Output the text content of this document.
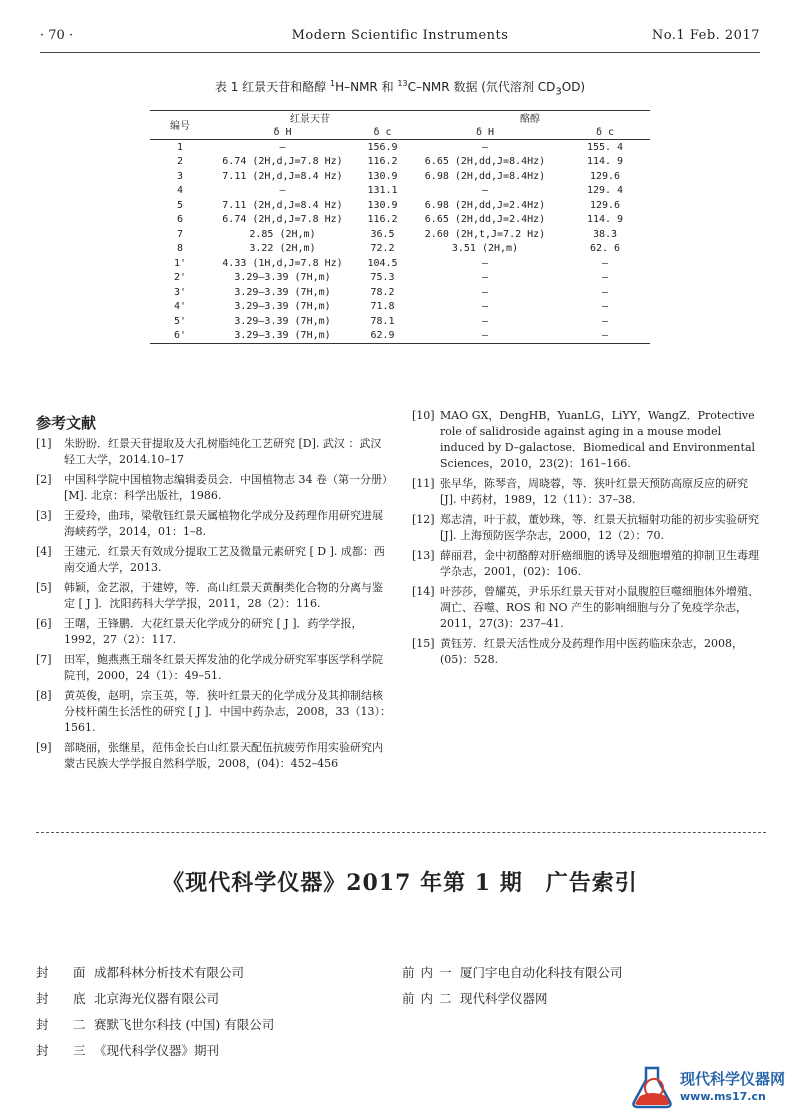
· 70 ·	Modern Scientific Instruments	No.1 Feb. 2017
表 1 红景天苷和酪醇 $^1$H–NMR 和 $^{13}$C–NMR 数据 (氘代溶剂 $CD_3OD$)
编号	红景天苷		酪醇	
	δ H	δ c	δ H	δ c
1	–	156.9	–	155. 4
2	6.74 (2H,d,J=7.8 Hz)	116.2	6.65 (2H,dd,J=8.4Hz)	114. 9
3	7.11 (2H,d,J=8.4 Hz)	130.9	6.98 (2H,dd,J=8.4Hz)	129.6
4	–	131.1	–	129. 4
5	7.11 (2H,d,J=8.4 Hz)	130.9	6.98 (2H,dd,J=2.4Hz)	129.6
6	6.74 (2H,d,J=7.8 Hz)	116.2	6.65 (2H,dd,J=2.4Hz)	114. 9
7	2.85 (2H,m)	36.5	2.60 (2H,t,J=7.2 Hz)	38.3
8	3.22 (2H,m)	72.2	3.51 (2H,m)	62. 6
1'	4.33 (1H,d,J=7.8 Hz)	104.5	–	–
2'	3.29–3.39 (7H,m)	75.3	–	–
3'	3.29–3.39 (7H,m)	78.2	–	–
4'	3.29–3.39 (7H,m)	71.8	–	–
5'	3.29–3.39 (7H,m)	78.1	–	–
6'	3.29–3.39 (7H,m)	62.9	–	–
参考文献
[1] 朱盼盼．红景天苷提取及大孔树脂纯化工艺研究 [D]. 武汉 ：武汉轻工大学，2014.10–17
[2] 中国科学院中国植物志编辑委员会．中国植物志 34 卷（第一分册）[M]. 北京：科学出版社，1986.
[3] 王爱玲，曲玮，梁敬钰红景天属植物化学成分及药理作用研究进展海峡药学，2014，01：1–8.
[4] 王建元．红景天有效成分提取工艺及微量元素研究 [ D ]. 成都：西南交通大学，2013.
[5] 韩颖，金艺淑，于建婷，等．高山红景天黄酮类化合物的分离与鉴定 [ J ]．沈阳药科大学学报，2011，28（2）：116.
[6] 王曙，王锋鹏．大花红景天化学成分的研究 [ J ]．药学学报，1992，27（2）：117.
[7] 田军，鲍燕燕王瑞冬红景天挥发油的化学成分研究军事医学科学院院刊，2000，24（1）：49–51.
[8] 黄英俊，赵明，宗玉英，等．狭叶红景天的化学成分及其抑制结核分枝杆菌生长活性的研究 [ J ]．中国中药杂志，2008，33（13）：1561.
[9] 部晓丽，张继星，范伟金长白山红景天配伍抗疲劳作用实验研究内蒙古民族大学学报自然科学版，2008，(04)：452–456
[10] MAO GX，DengHB，YuanLG，LiYY，WangZ．Protective role of salidroside against aging in a mouse model induced by D–galactose．Biomedical and Environmental Sciences，2010，23(2)：161–166.
[11] 张早华，陈琴音，周晓蓉，等．狭叶红景天预防高原反应的研究 [J]. 中药材，1989，12（11）：37–38.
[12] 郑志清，叶于菽，董妙珠，等．红景天抗辐射功能的初步实验研究 [J]. 上海预防医学杂志，2000，12（2）：70.
[13] 薛丽君，金中初酪醇对肝癌细胞的诱导及细胞增殖的抑制卫生毒理学杂志，2001，(02)：106.
[14] 叶莎莎，曾耀英，尹乐乐红景天苷对小鼠腹腔巨噬细胞体外增殖、凋亡、吞噬、ROS 和 NO 产生的影响细胞与分了免疫学杂志，2011，27(3)：237–41.
[15] 黄钰芳．红景天活性成分及药理作用中医药临床杂志，2008，(05)：528.
《现代科学仪器》2017 年第 1 期　广告索引
封　面 成都科林分析技术有限公司
封　底 北京海光仪器有限公司
封　二 赛默飞世尔科技 (中国) 有限公司
封　三 《现代科学仪器》期刊
前内一 厦门宇电自动化科技有限公司
前内二 现代科学仪器网
现代科学仪器网
www.ms17.cn
